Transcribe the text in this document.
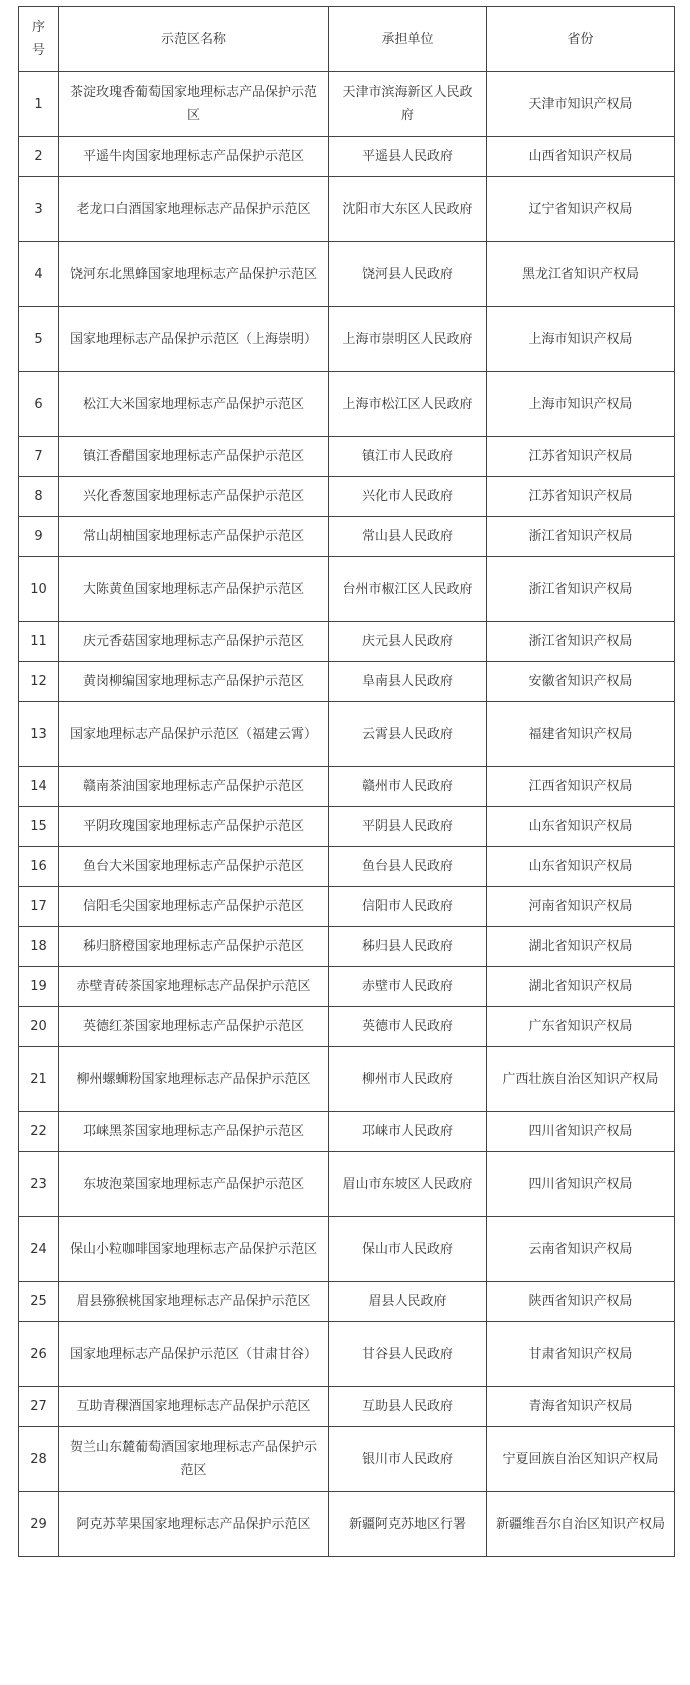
序号	示范区名称	承担单位	省份
1	茶淀玫瑰香葡萄国家地理标志产品保护示范区	天津市滨海新区人民政府	天津市知识产权局
2	平遥牛肉国家地理标志产品保护示范区	平遥县人民政府	山西省知识产权局
3	老龙口白酒国家地理标志产品保护示范区	沈阳市大东区人民政府	辽宁省知识产权局
4	饶河东北黑蜂国家地理标志产品保护示范区	饶河县人民政府	黑龙江省知识产权局
5	国家地理标志产品保护示范区（上海崇明）	上海市崇明区人民政府	上海市知识产权局
6	松江大米国家地理标志产品保护示范区	上海市松江区人民政府	上海市知识产权局
7	镇江香醋国家地理标志产品保护示范区	镇江市人民政府	江苏省知识产权局
8	兴化香葱国家地理标志产品保护示范区	兴化市人民政府	江苏省知识产权局
9	常山胡柚国家地理标志产品保护示范区	常山县人民政府	浙江省知识产权局
10	大陈黄鱼国家地理标志产品保护示范区	台州市椒江区人民政府	浙江省知识产权局
11	庆元香菇国家地理标志产品保护示范区	庆元县人民政府	浙江省知识产权局
12	黄岗柳编国家地理标志产品保护示范区	阜南县人民政府	安徽省知识产权局
13	国家地理标志产品保护示范区（福建云霄）	云霄县人民政府	福建省知识产权局
14	赣南茶油国家地理标志产品保护示范区	赣州市人民政府	江西省知识产权局
15	平阴玫瑰国家地理标志产品保护示范区	平阴县人民政府	山东省知识产权局
16	鱼台大米国家地理标志产品保护示范区	鱼台县人民政府	山东省知识产权局
17	信阳毛尖国家地理标志产品保护示范区	信阳市人民政府	河南省知识产权局
18	秭归脐橙国家地理标志产品保护示范区	秭归县人民政府	湖北省知识产权局
19	赤壁青砖茶国家地理标志产品保护示范区	赤壁市人民政府	湖北省知识产权局
20	英德红茶国家地理标志产品保护示范区	英德市人民政府	广东省知识产权局
21	柳州螺蛳粉国家地理标志产品保护示范区	柳州市人民政府	广西壮族自治区知识产权局
22	邛崃黑茶国家地理标志产品保护示范区	邛崃市人民政府	四川省知识产权局
23	东坡泡菜国家地理标志产品保护示范区	眉山市东坡区人民政府	四川省知识产权局
24	保山小粒咖啡国家地理标志产品保护示范区	保山市人民政府	云南省知识产权局
25	眉县猕猴桃国家地理标志产品保护示范区	眉县人民政府	陕西省知识产权局
26	国家地理标志产品保护示范区（甘肃甘谷）	甘谷县人民政府	甘肃省知识产权局
27	互助青稞酒国家地理标志产品保护示范区	互助县人民政府	青海省知识产权局
28	贺兰山东麓葡萄酒国家地理标志产品保护示范区	银川市人民政府	宁夏回族自治区知识产权局
29	阿克苏苹果国家地理标志产品保护示范区	新疆阿克苏地区行署	新疆维吾尔自治区知识产权局
